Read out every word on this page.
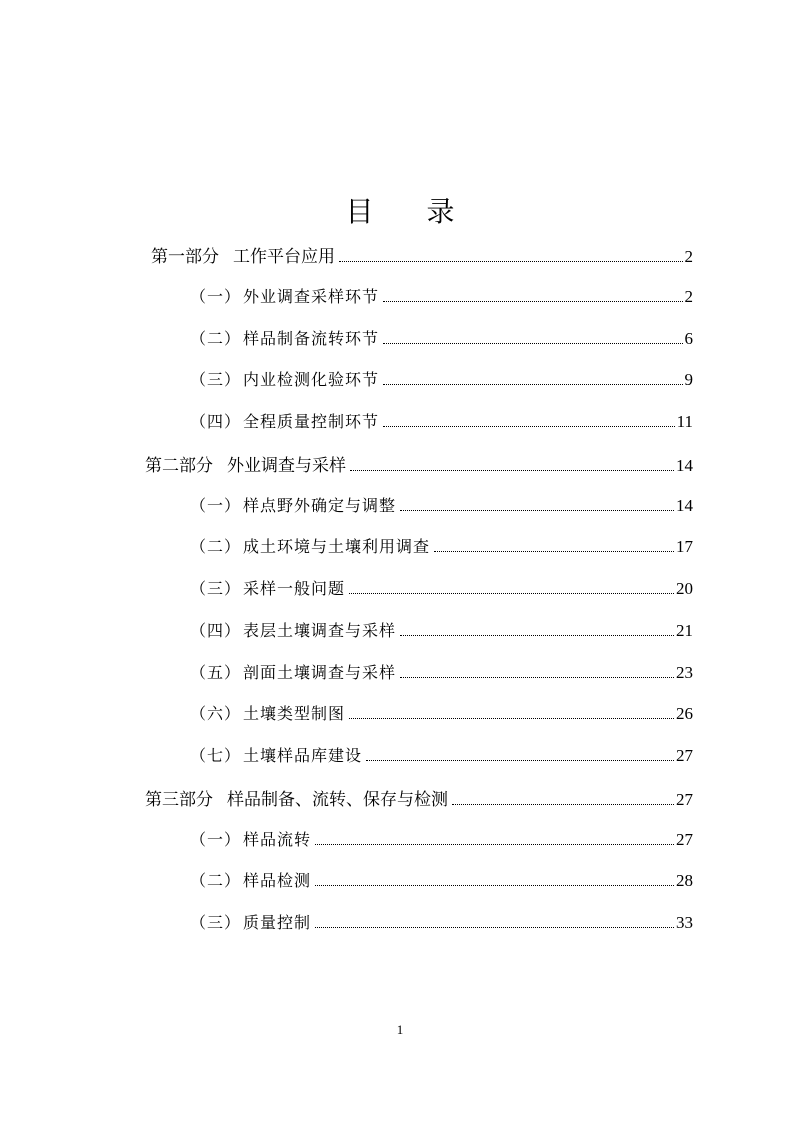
目 录
第一部分 工作平台应用	2
（一） 外业调查采样环节	2
（二） 样品制备流转环节	6
（三） 内业检测化验环节	9
（四） 全程质量控制环节	11
第二部分 外业调查与采样	14
（一） 样点野外确定与调整	14
（二） 成土环境与土壤利用调查	17
（三） 采样一般问题	20
（四） 表层土壤调查与采样	21
（五） 剖面土壤调查与采样	23
（六） 土壤类型制图	26
（七） 土壤样品库建设	27
第三部分 样品制备、流转、保存与检测	27
（一） 样品流转	27
（二） 样品检测	28
（三） 质量控制	33
1
